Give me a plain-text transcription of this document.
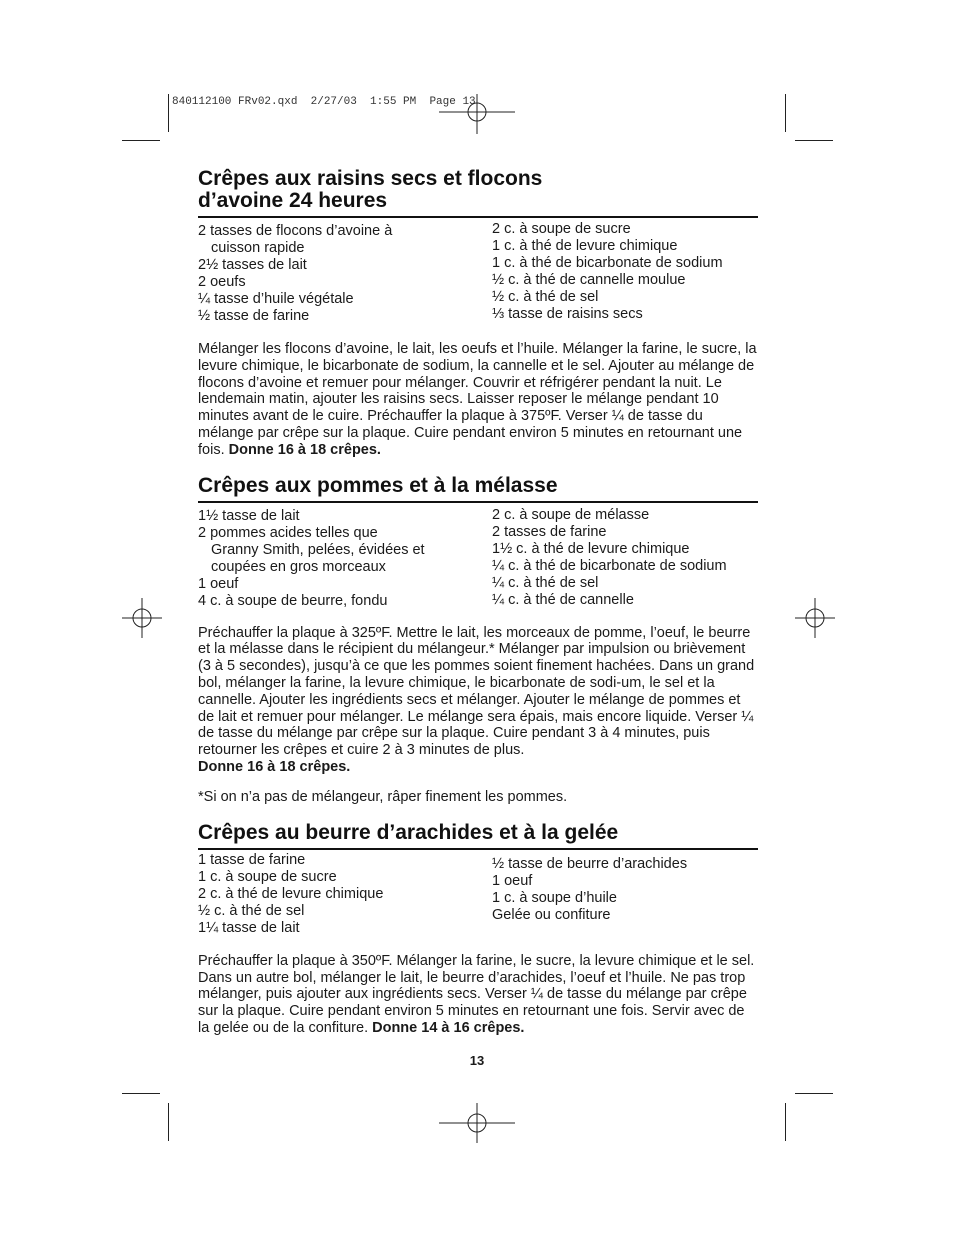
840112100 FRv02.qxd  2/27/03  1:55 PM  Page 13
Crêpes aux raisins secs et flocons
d’avoine 24 heures
2 tasses de flocons d’avoine à
cuisson rapide
2½ tasses de lait
2 oeufs
¼ tasse d’huile végétale
½ tasse de farine
2 c. à soupe de sucre
1 c. à thé de levure chimique
1 c. à thé de bicarbonate de sodium
½ c. à thé de cannelle moulue
½ c. à thé de sel
⅓ tasse de raisins secs

Mélanger les flocons d’avoine, le lait, les oeufs et l’huile. Mélanger la farine, le sucre, la levure chimique, le bicarbonate de sodium, la cannelle et le sel. Ajouter au mélange de flocons d’avoine et remuer pour mélanger. Couvrir et réfrigérer pendant la nuit. Le lendemain matin, ajouter les raisins secs. Laisser reposer le mélange pendant 10 minutes avant de le cuire. Préchauffer la plaque à 375ºF. Verser ¼ de tasse du mélange par crêpe sur la plaque. Cuire pendant environ 5 minutes en retournant une fois. Donne 16 à 18 crêpes.

Crêpes aux pommes et à la mélasse
1½ tasse de lait
2 pommes acides telles que
Granny Smith, pelées, évidées et
coupées en gros morceaux
1 oeuf
4 c. à soupe de beurre, fondu
2 c. à soupe de mélasse
2 tasses de farine
1½ c. à thé de levure chimique
¼ c. à thé de bicarbonate de sodium
¼ c. à thé de sel
¼ c. à thé de cannelle

Préchauffer la plaque à 325ºF. Mettre le lait, les morceaux de pomme, l’oeuf, le beurre et la mélasse dans le récipient du mélangeur.* Mélanger par impulsion ou brièvement (3 à 5 secondes), jusqu’à ce que les pommes soient finement hachées. Dans un grand bol, mélanger la farine, la levure chimique, le bicarbonate de sodi-um, le sel et la cannelle. Ajouter les ingrédients secs et mélanger. Ajouter le mélange de pommes et de lait et remuer pour mélanger. Le mélange sera épais, mais encore liquide. Verser ¼ de tasse du mélange par crêpe sur la plaque. Cuire pendant 3 à 4 minutes, puis retourner les crêpes et cuire 2 à 3 minutes de plus.
Donne 16 à 18 crêpes.

*Si on n’a pas de mélangeur, râper finement les pommes.

Crêpes au beurre d’arachides et à la gelée
1 tasse de farine
1 c. à soupe de sucre
2 c. à thé de levure chimique
½ c. à thé de sel
1¼ tasse de lait
½ tasse de beurre d’arachides
1 oeuf
1 c. à soupe d’huile
Gelée ou confiture

Préchauffer la plaque à 350ºF. Mélanger la farine, le sucre, la levure chimique et le sel. Dans un autre bol, mélanger le lait, le beurre d’arachides, l’oeuf et l’huile. Ne pas trop mélanger, puis ajouter aux ingrédients secs. Verser ¼ de tasse du mélange par crêpe sur la plaque. Cuire pendant environ 5 minutes en retournant une fois. Servir avec de la gelée ou de la confiture. Donne 14 à 16 crêpes.

13
